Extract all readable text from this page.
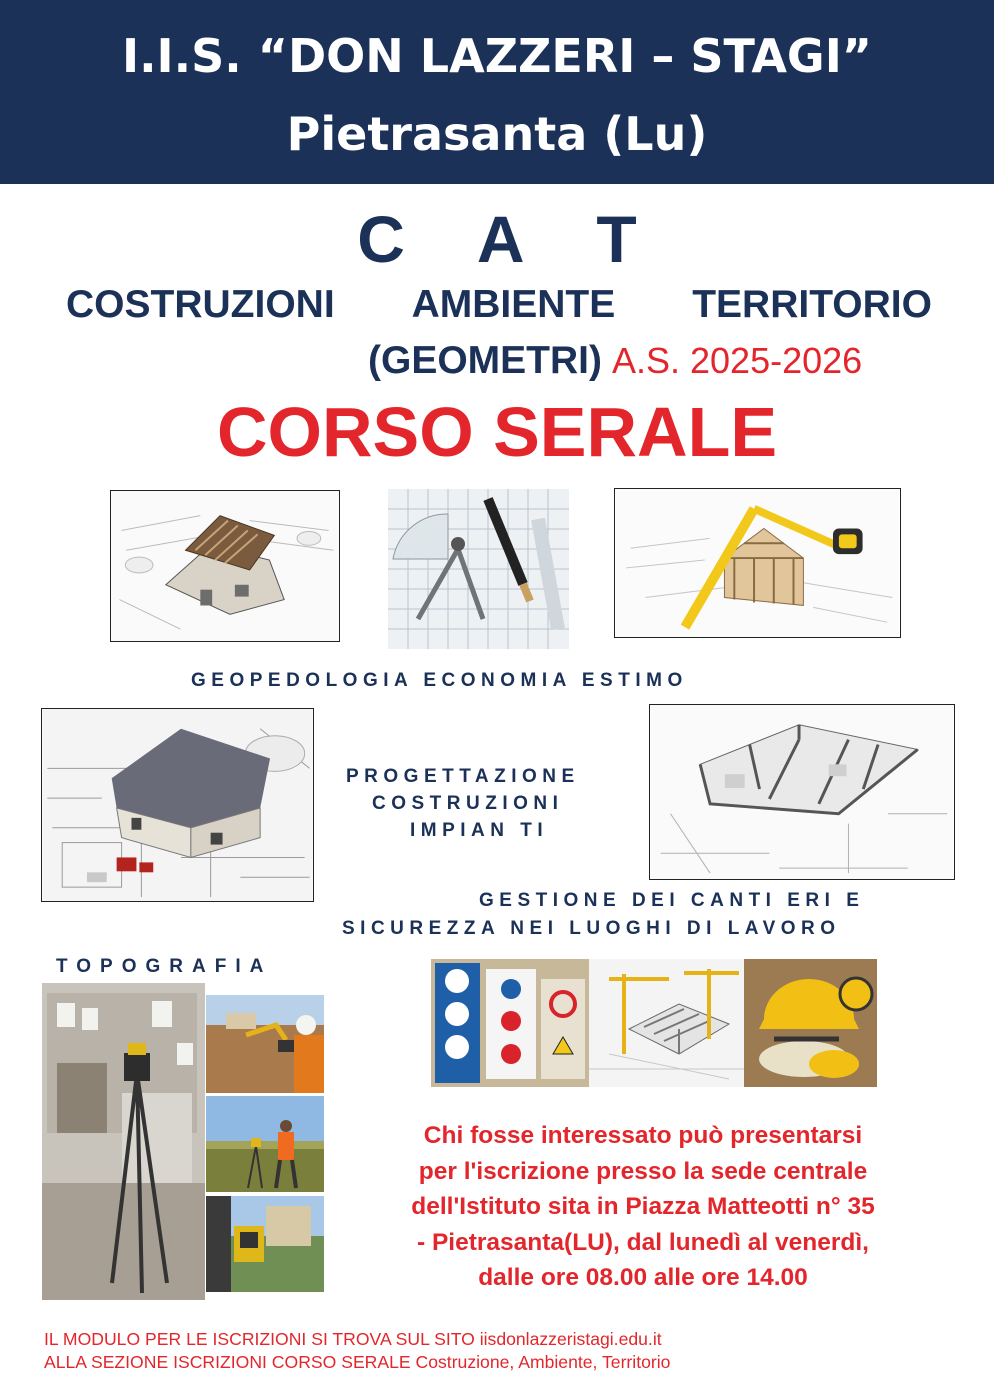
I.I.S. “DON LAZZERI – STAGI”
Pietrasanta (Lu)
C A T
COSTRUZIONI AMBIENTE TERRITORIO
(GEOMETRI) A.S. 2025-2026
CORSO SERALE
GEOPEDOLOGIA ECONOMIA ESTIMO
PROGETTAZIONE
COSTRUZIONI
IMPIAN TI
GESTIONE DEI CANTI ERI E
SICUREZZA NEI LUOGHI DI LAVORO
TOPOGRAFIA
Chi fosse interessato può presentarsi
per l'iscrizione presso la sede centrale
dell'Istituto sita in Piazza Matteotti n° 35
- Pietrasanta(LU), dal lunedì al venerdì,
dalle ore 08.00 alle ore 14.00
IL MODULO PER LE ISCRIZIONI SI TROVA SUL SITO iisdonlazzeristagi.edu.it
ALLA SEZIONE ISCRIZIONI CORSO SERALE Costruzione, Ambiente, Territorio
